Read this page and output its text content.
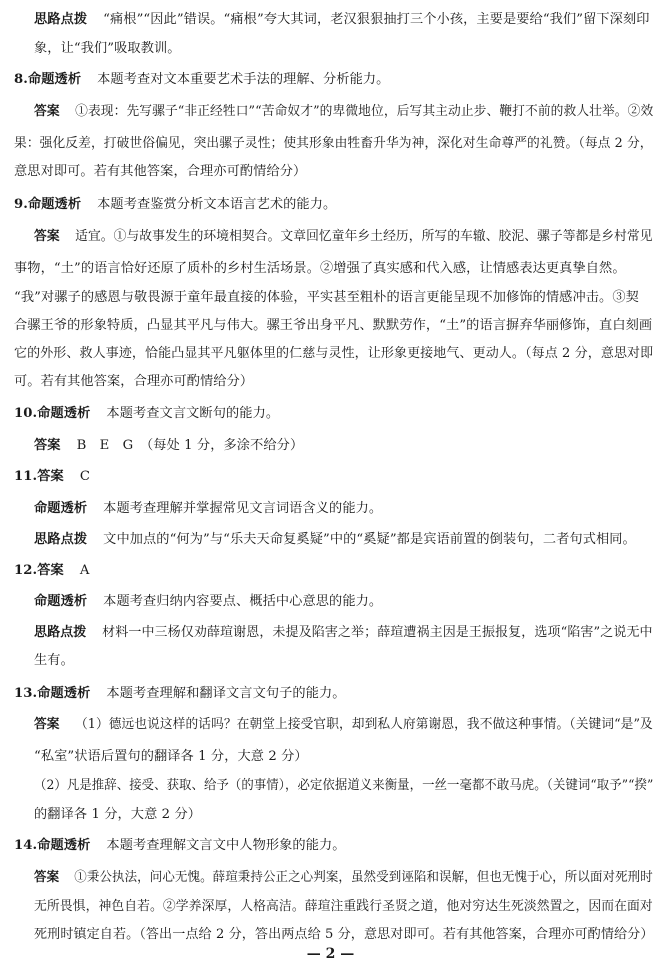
思路点拨 “痛根”“因此”错误。“痛根”夸大其词，老汉狠狠抽打三个小孩，主要是要给“我们”留下深刻印
象，让“我们”吸取教训。
8.命题透析 本题考查对文本重要艺术手法的理解、分析能力。
答案 ①表现：先写骡子“非正经牲口”“苦命奴才”的卑微地位，后写其主动止步、鞭打不前的救人壮举。②效
果：强化反差，打破世俗偏见，突出骡子灵性；使其形象由牲畜升华为神，深化对生命尊严的礼赞。（每点 2 分，
意思对即可。若有其他答案，合理亦可酌情给分）
9.命题透析 本题考查鉴赏分析文本语言艺术的能力。
答案 适宜。①与故事发生的环境相契合。文章回忆童年乡土经历，所写的车辙、胶泥、骡子等都是乡村常见
事物，“土”的语言恰好还原了质朴的乡村生活场景。②增强了真实感和代入感，让情感表达更真挚自然。
“我”对骡子的感恩与敬畏源于童年最直接的体验，平实甚至粗朴的语言更能呈现不加修饰的情感冲击。③契
合骡王爷的形象特质，凸显其平凡与伟大。骡王爷出身平凡、默默劳作，“土”的语言摒弃华丽修饰，直白刻画
它的外形、救人事迹，恰能凸显其平凡躯体里的仁慈与灵性，让形象更接地气、更动人。（每点 2 分，意思对即
可。若有其他答案，合理亦可酌情给分）
10.命题透析 本题考查文言文断句的能力。
答案 B　E　G　（每处 1 分，多涂不给分）
11.答案 C
命题透析 本题考查理解并掌握常见文言词语含义的能力。
思路点拨 文中加点的“何为”与“乐夫天命复奚疑”中的“奚疑”都是宾语前置的倒装句，二者句式相同。
12.答案 A
命题透析 本题考查归纳内容要点、概括中心意思的能力。
思路点拨 材料一中三杨仅劝薛瑄谢恩，未提及陷害之举；薛瑄遭祸主因是王振报复，选项“陷害”之说无中
生有。
13.命题透析 本题考查理解和翻译文言文句子的能力。
答案 （1）德远也说这样的话吗？在朝堂上接受官职，却到私人府第谢恩，我不做这种事情。（关键词“是”及
“私室”状语后置句的翻译各 1 分，大意 2 分）
（2）凡是推辞、接受、获取、给予（的事情），必定依据道义来衡量，一丝一毫都不敢马虎。（关键词“取予”“揆”
的翻译各 1 分，大意 2 分）
14.命题透析 本题考查理解文言文中人物形象的能力。
答案 ①秉公执法，问心无愧。薛瑄秉持公正之心判案，虽然受到诬陷和误解，但也无愧于心，所以面对死刑时
无所畏惧，神色自若。②学养深厚，人格高洁。薛瑄注重践行圣贤之道，他对穷达生死淡然置之，因而在面对
死刑时镇定自若。（答出一点给 2 分，答出两点给 5 分，意思对即可。若有其他答案，合理亦可酌情给分）
— 2 —
